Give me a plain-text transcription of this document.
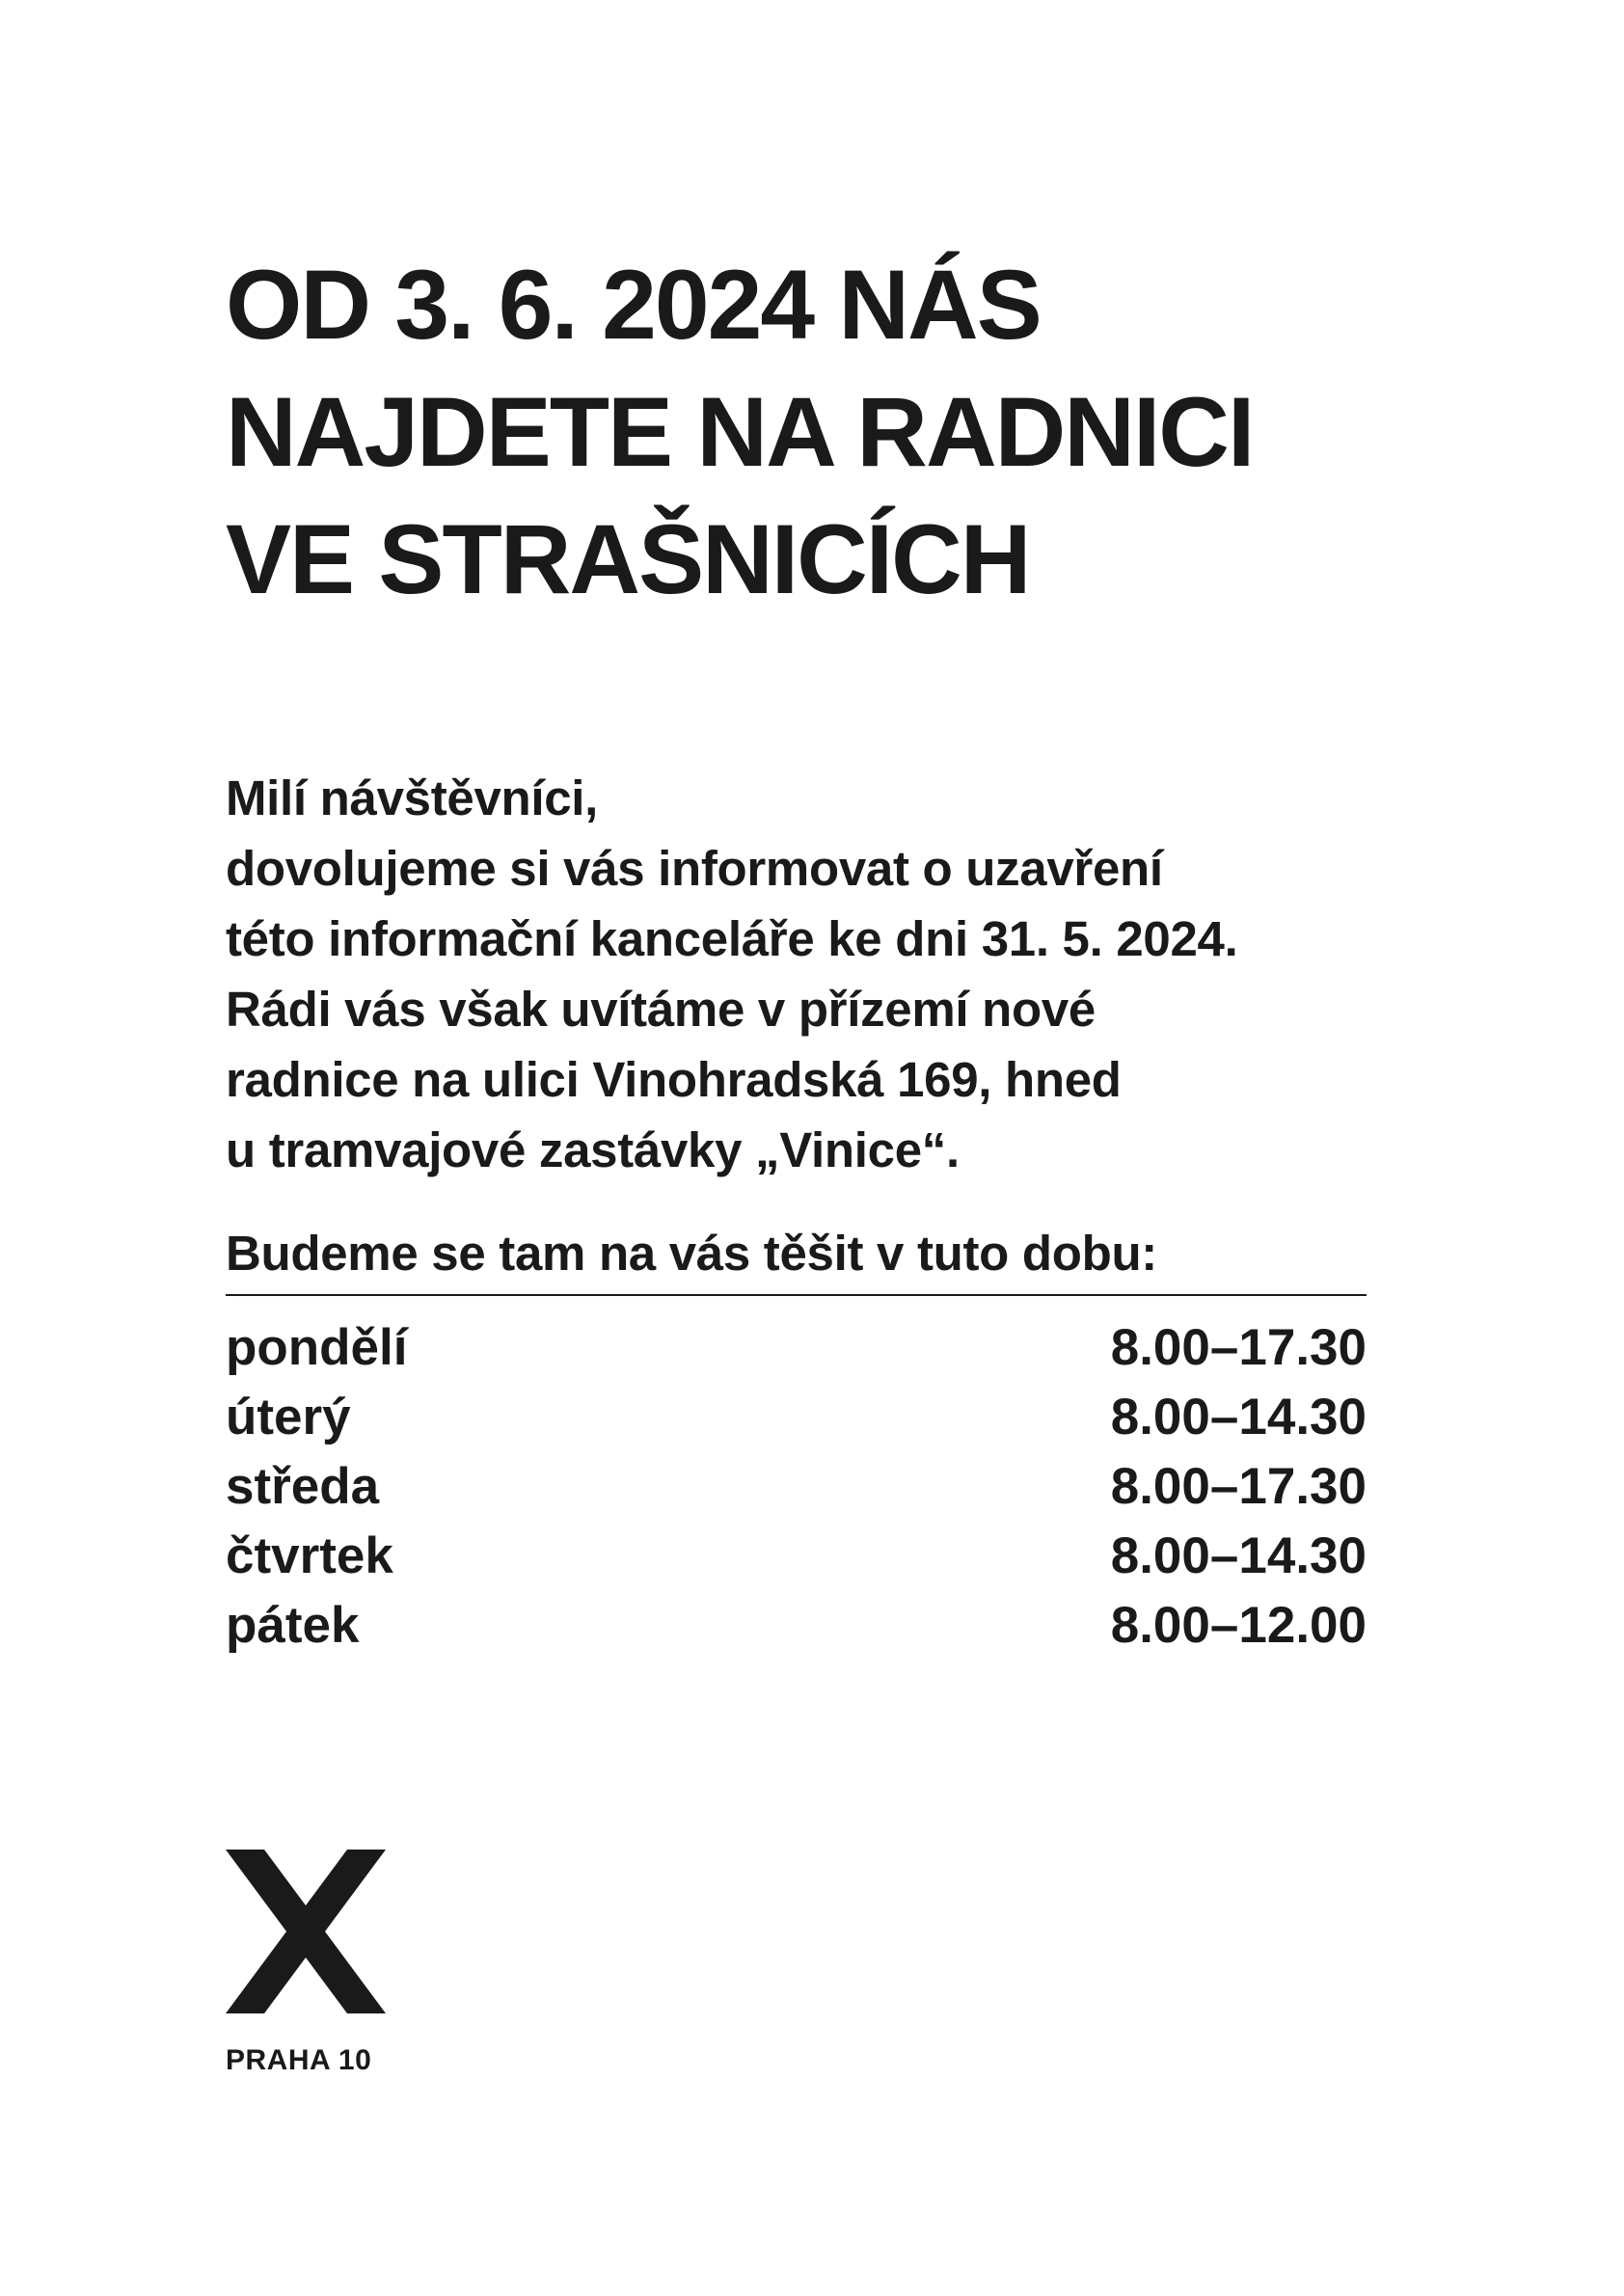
OD 3. 6. 2024 NÁS
NAJDETE NA RADNICI
VE STRAŠNICÍCH
Milí návštěvníci,
dovolujeme si vás informovat o uzavření
této informační kanceláře ke dni 31. 5. 2024.
Rádi vás však uvítáme v přízemí nové
radnice na ulici Vinohradská 169, hned
u tramvajové zastávky „Vinice“.
Budeme se tam na vás těšit v tuto dobu:
pondělí	8.00–17.30
úterý	8.00–14.30
středa	8.00–17.30
čtvrtek	8.00–14.30
pátek	8.00–12.00
PRAHA 10
